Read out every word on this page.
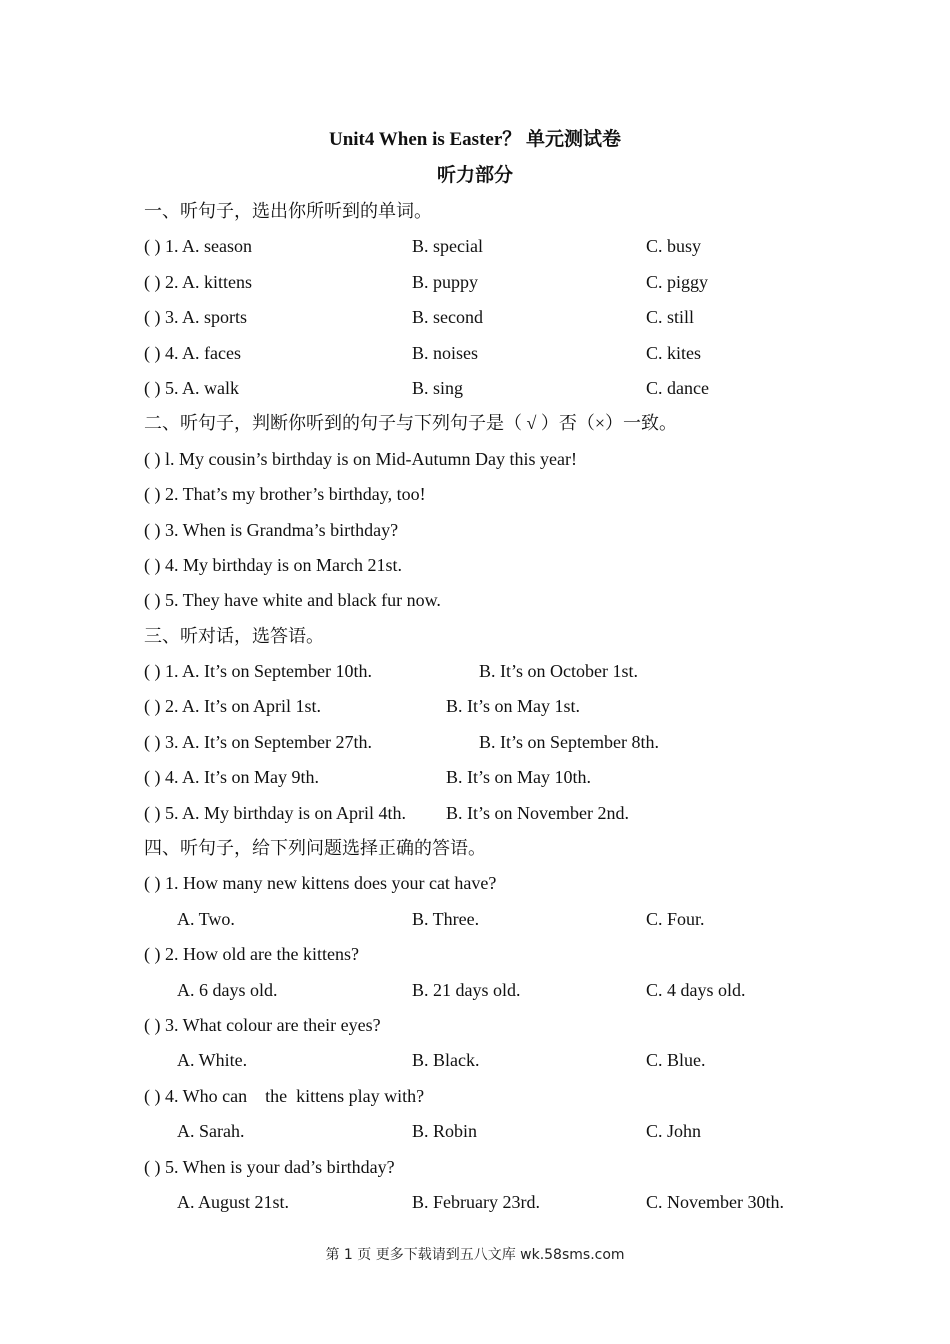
Unit4 When is Easter？ 单元测试卷
听力部分
一、听句子，选出你所听到的单词。
( ) 1. A. season	B. special	C. busy
( ) 2. A. kittens	B. puppy	C. piggy
( ) 3. A. sports	B. second	C. still
( ) 4. A. faces	B. noises	C. kites
( ) 5. A. walk	B. sing	C. dance
二、听句子，判断你听到的句子与下列句子是（ √ ）否（×）一致。
( ) l. My cousin’s birthday is on Mid-Autumn Day this year!
( ) 2. That’s my brother’s birthday, too!
( ) 3. When is Grandma’s birthday?
( ) 4. My birthday is on March 21st.
( ) 5. They have white and black fur now.
三、听对话，选答语。
( ) 1. A. It’s on September 10th.	B. It’s on October 1st.
( ) 2. A. It’s on April 1st.	B. It’s on May 1st.
( ) 3. A. It’s on September 27th.	B. It’s on September 8th.
( ) 4. A. It’s on May 9th.	B. It’s on May 10th.
( ) 5. A. My birthday is on April 4th. B. It’s on November 2nd.
四、听句子，给下列问题选择正确的答语。
( ) 1. How many new kittens does your cat have?
A. Two.	B. Three.	C. Four.
( ) 2. How old are the kittens?
A. 6 days old.	B. 21 days old.	C. 4 days old.
( ) 3. What colour are their eyes?
A. White.	B. Black.	C. Blue.
( ) 4. Who can    the  kittens play with?
A. Sarah.	B. Robin	C. John
( ) 5. When is your dad’s birthday?
A. August 21st.	B. February 23rd.	C. November 30th.
第 1 页 更多下载请到五八文库 wk.58sms.com
